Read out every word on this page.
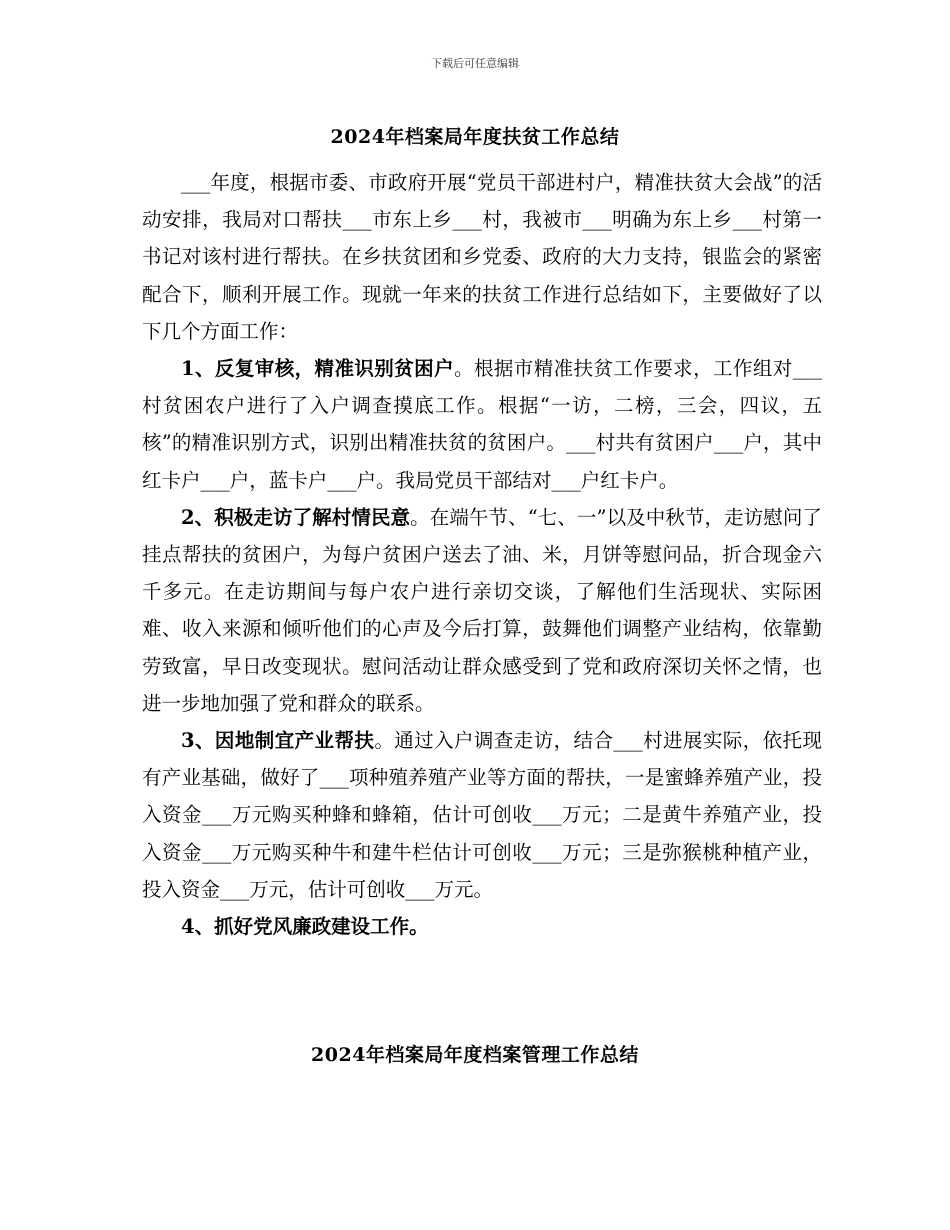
下载后可任意编辑
2024年档案局年度扶贫工作总结

___年度，根据市委、市政府开展“党员干部进村户，精准扶贫大会战”的活动安排，我局对口帮扶___市东上乡___村，我被市___明确为东上乡___村第一书记对该村进行帮扶。在乡扶贫团和乡党委、政府的大力支持，银监会的紧密配合下，顺利开展工作。现就一年来的扶贫工作进行总结如下，主要做好了以下几个方面工作：

1、反复审核，精准识别贫困户。根据市精准扶贫工作要求，工作组对___村贫困农户进行了入户调查摸底工作。根据“一访，二榜，三会，四议，五核”的精准识别方式，识别出精准扶贫的贫困户。___村共有贫困户___户，其中红卡户___户，蓝卡户___户。我局党员干部结对___户红卡户。

2、积极走访了解村情民意。在端午节、“七、一”以及中秋节，走访慰问了挂点帮扶的贫困户，为每户贫困户送去了油、米，月饼等慰问品，折合现金六千多元。在走访期间与每户农户进行亲切交谈，了解他们生活现状、实际困难、收入来源和倾听他们的心声及今后打算，鼓舞他们调整产业结构，依靠勤劳致富，早日改变现状。慰问活动让群众感受到了党和政府深切关怀之情，也进一步地加强了党和群众的联系。

3、因地制宜产业帮扶。通过入户调查走访，结合___村进展实际，依托现有产业基础，做好了___项种殖养殖产业等方面的帮扶，一是蜜蜂养殖产业，投入资金___万元购买种蜂和蜂箱，估计可创收___万元；二是黄牛养殖产业，投入资金___万元购买种牛和建牛栏估计可创收___万元；三是弥猴桃种植产业，投入资金___万元，估计可创收___万元。

4、抓好党风廉政建设工作。

2024年档案局年度档案管理工作总结
